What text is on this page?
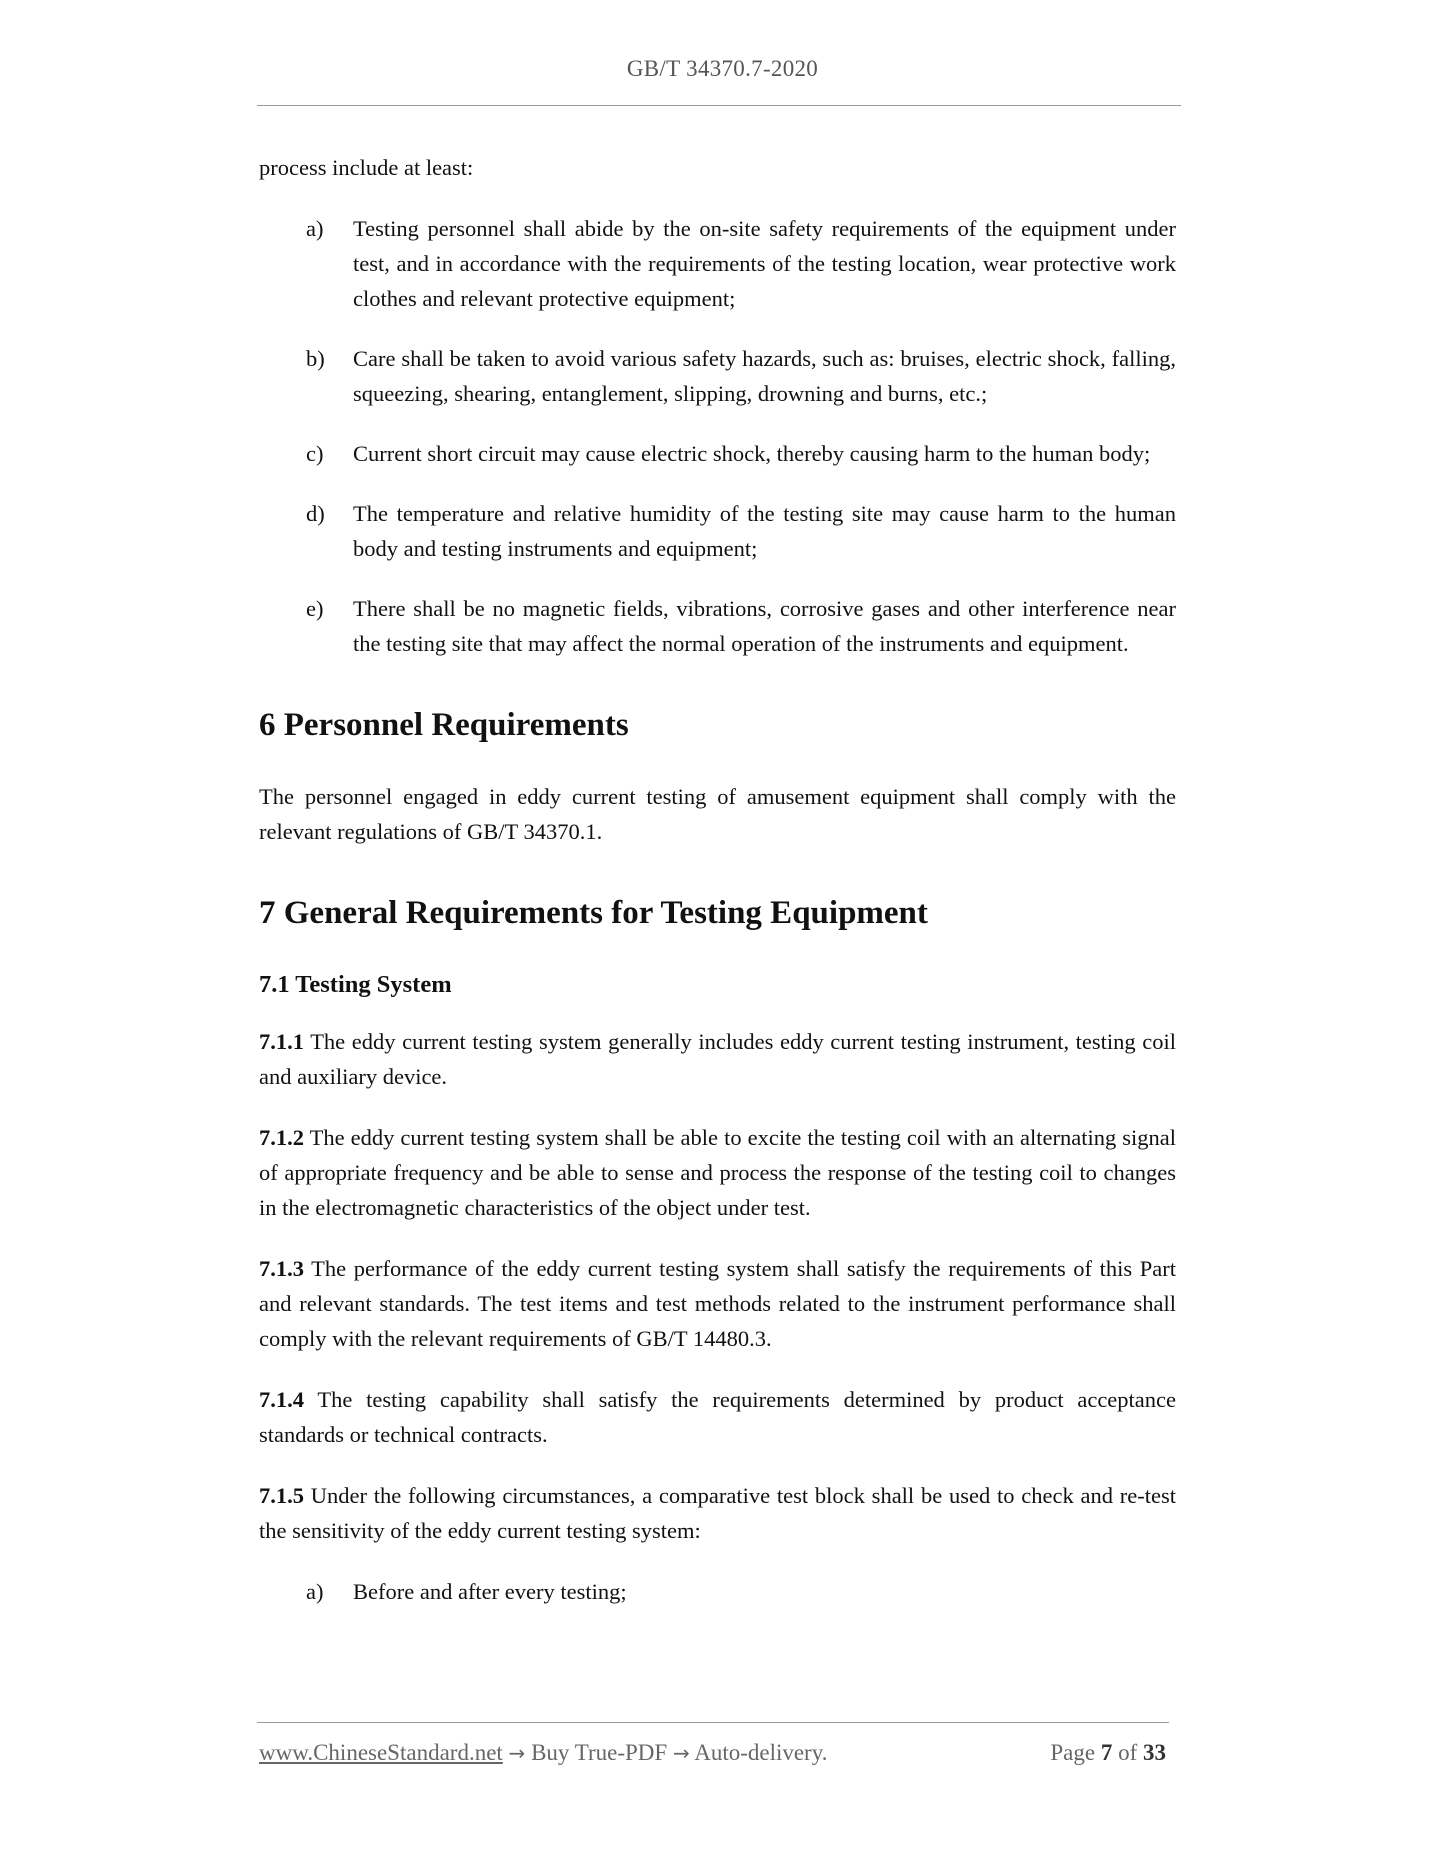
GB/T 34370.7-2020

process include at least:

a)	Testing personnel shall abide by the on-site safety requirements of the equipment under test, and in accordance with the requirements of the testing location, wear protective work clothes and relevant protective equipment;
b)	Care shall be taken to avoid various safety hazards, such as: bruises, electric shock, falling, squeezing, shearing, entanglement, slipping, drowning and burns, etc.;
c)	Current short circuit may cause electric shock, thereby causing harm to the human body;
d)	The temperature and relative humidity of the testing site may cause harm to the human body and testing instruments and equipment;
e)	There shall be no magnetic fields, vibrations, corrosive gases and other interference near the testing site that may affect the normal operation of the instruments and equipment.
6 Personnel Requirements

The personnel engaged in eddy current testing of amusement equipment shall comply with the relevant regulations of GB/T 34370.1.

7 General Requirements for Testing Equipment
7.1 Testing System

7.1.1 The eddy current testing system generally includes eddy current testing instrument, testing coil and auxiliary device.

7.1.2 The eddy current testing system shall be able to excite the testing coil with an alternating signal of appropriate frequency and be able to sense and process the response of the testing coil to changes in the electromagnetic characteristics of the object under test.

7.1.3 The performance of the eddy current testing system shall satisfy the requirements of this Part and relevant standards. The test items and test methods related to the instrument performance shall comply with the relevant requirements of GB/T 14480.3.

7.1.4 The testing capability shall satisfy the requirements determined by product acceptance standards or technical contracts.

7.1.5 Under the following circumstances, a comparative test block shall be used to check and re-test the sensitivity of the eddy current testing system:

a)	Before and after every testing;
www.ChineseStandard.net → Buy True-PDF → Auto-delivery.	Page 7 of 33
